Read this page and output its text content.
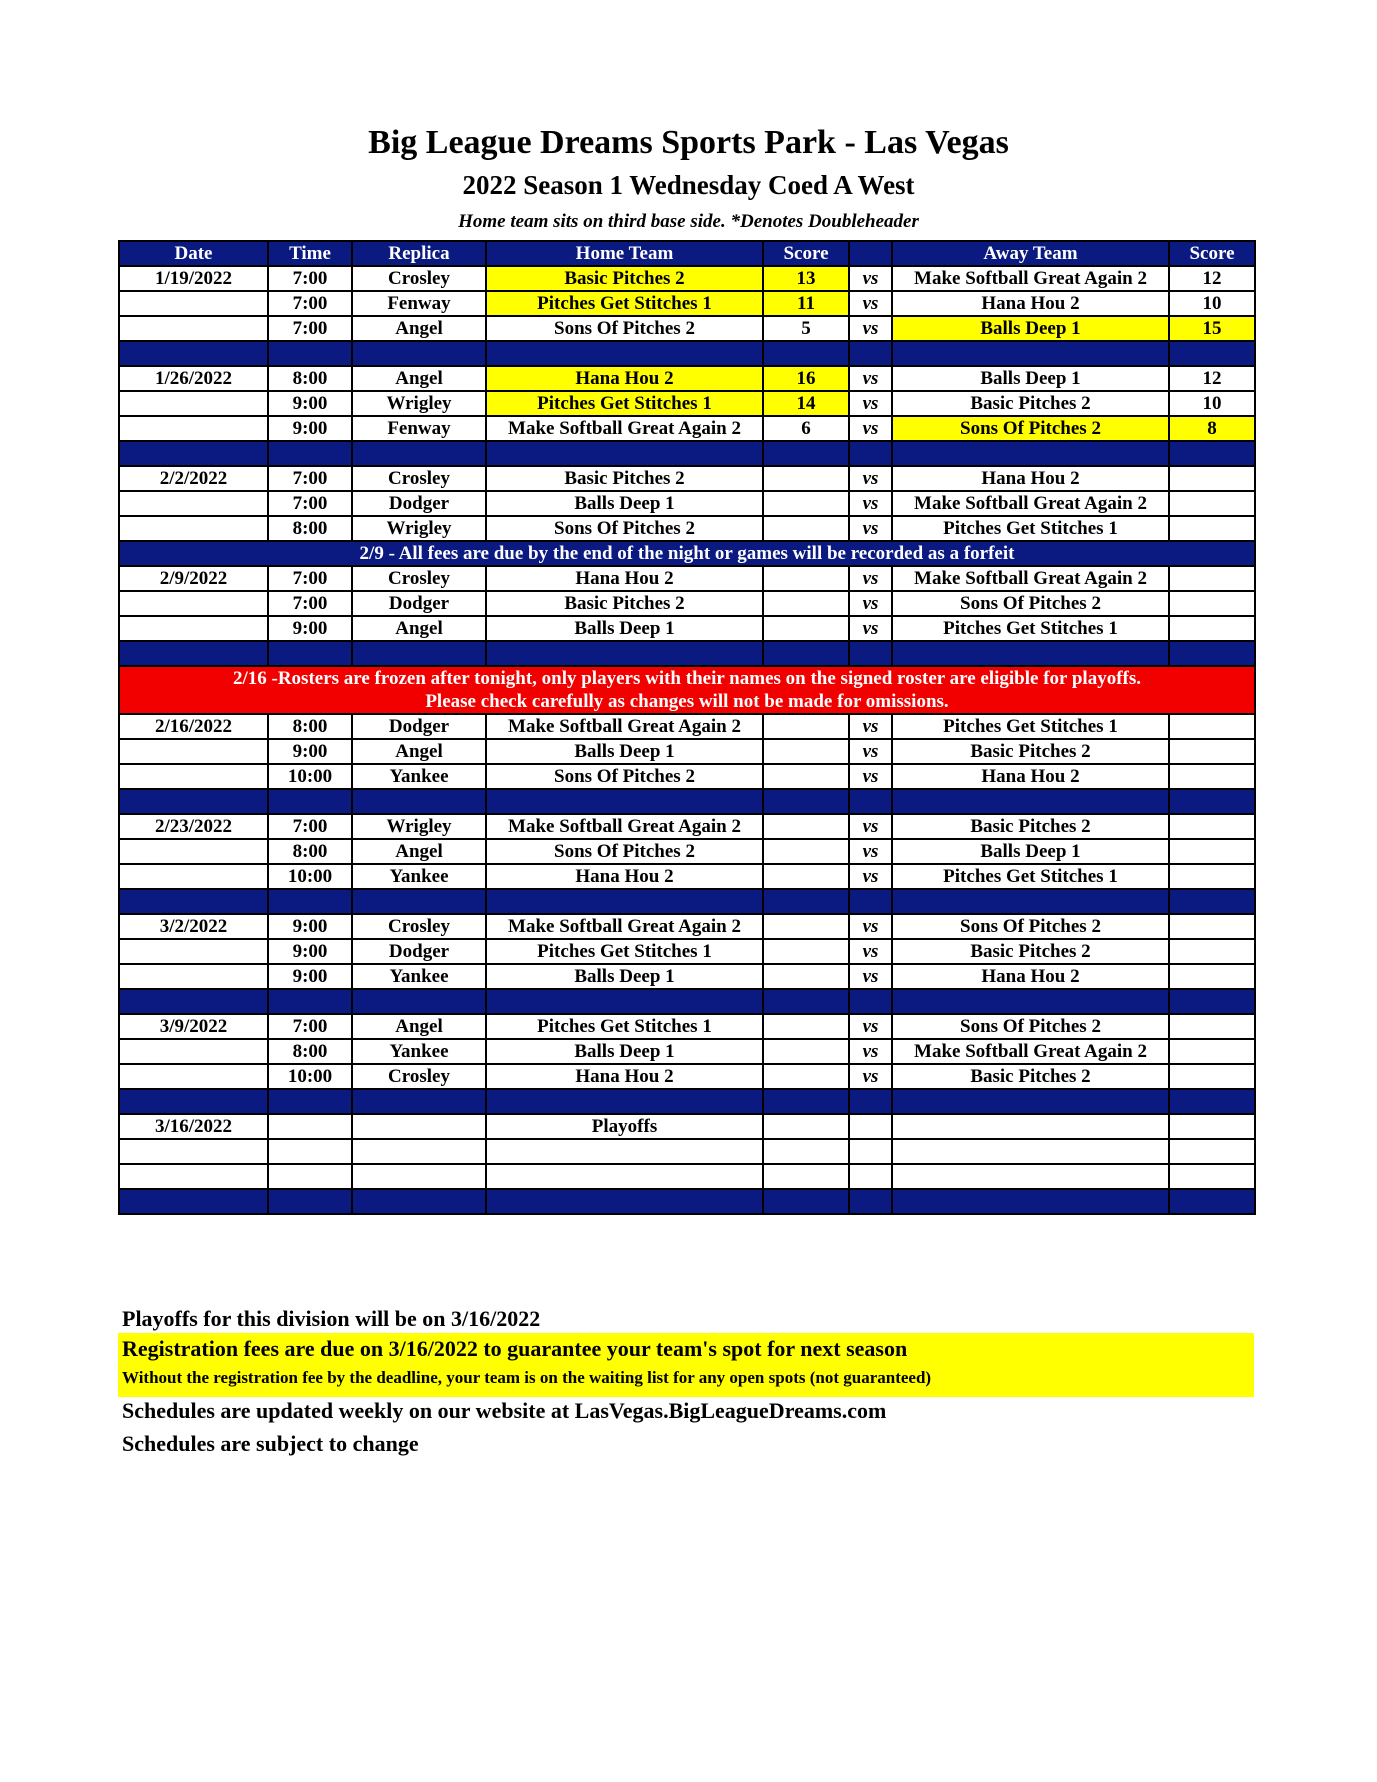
Big League Dreams Sports Park - Las Vegas
2022 Season 1 Wednesday Coed A West
Home team sits on third base side. *Denotes Doubleheader
Date	Time	Replica	Home Team	Score		Away Team	Score
1/19/2022	7:00	Crosley	Basic Pitches 2	13	vs	Make Softball Great Again 2	12
	7:00	Fenway	Pitches Get Stitches 1	11	vs	Hana Hou 2	10
	7:00	Angel	Sons Of Pitches 2	5	vs	Balls Deep 1	15

1/26/2022	8:00	Angel	Hana Hou 2	16	vs	Balls Deep 1	12
	9:00	Wrigley	Pitches Get Stitches 1	14	vs	Basic Pitches 2	10
	9:00	Fenway	Make Softball Great Again 2	6	vs	Sons Of Pitches 2	8

2/2/2022	7:00	Crosley	Basic Pitches 2		vs	Hana Hou 2	
	7:00	Dodger	Balls Deep 1		vs	Make Softball Great Again 2	
	8:00	Wrigley	Sons Of Pitches 2		vs	Pitches Get Stitches 1	
2/9 - All fees are due by the end of the night or games will be recorded as a forfeit							
2/9/2022	7:00	Crosley	Hana Hou 2		vs	Make Softball Great Again 2	
	7:00	Dodger	Basic Pitches 2		vs	Sons Of Pitches 2	
	9:00	Angel	Balls Deep 1		vs	Pitches Get Stitches 1	

2/16 -Rosters are frozen after tonight, only players with their names on the signed roster are eligible for playoffs.
Please check carefully as changes will not be made for omissions.							

2/16/2022	8:00	Dodger	Make Softball Great Again 2		vs	Pitches Get Stitches 1	
	9:00	Angel	Balls Deep 1		vs	Basic Pitches 2	
	10:00	Yankee	Sons Of Pitches 2		vs	Hana Hou 2	

2/23/2022	7:00	Wrigley	Make Softball Great Again 2		vs	Basic Pitches 2	
	8:00	Angel	Sons Of Pitches 2		vs	Balls Deep 1	
	10:00	Yankee	Hana Hou 2		vs	Pitches Get Stitches 1	

3/2/2022	9:00	Crosley	Make Softball Great Again 2		vs	Sons Of Pitches 2	
	9:00	Dodger	Pitches Get Stitches 1		vs	Basic Pitches 2	
	9:00	Yankee	Balls Deep 1		vs	Hana Hou 2	

3/9/2022	7:00	Angel	Pitches Get Stitches 1		vs	Sons Of Pitches 2	
	8:00	Yankee	Balls Deep 1		vs	Make Softball Great Again 2	
	10:00	Crosley	Hana Hou 2		vs	Basic Pitches 2	

3/16/2022			Playoffs				

Playoffs for this division will be on 3/16/2022
Registration fees are due on 3/16/2022 to guarantee your team's spot for next season
Without the registration fee by the deadline, your team is on the waiting list for any open spots (not guaranteed)
Schedules are updated weekly on our website at LasVegas.BigLeagueDreams.com
Schedules are subject to change
